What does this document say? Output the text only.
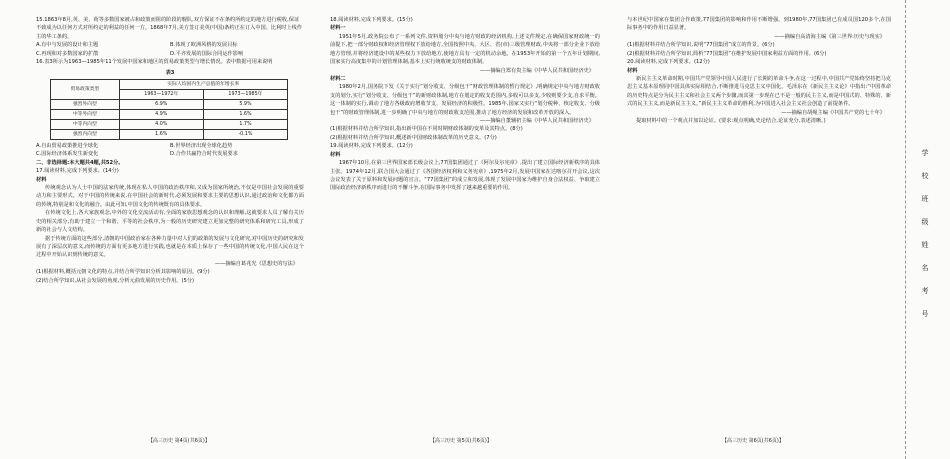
15.1863年8月,英、美、荷等多数国家被占和政策而阻的阶段的舰队,双方保证不在条约所约定的地方进行税收,保证不致成为以任何方式对所约定的利益的任何一方。1868年7月,美方签订美英(中国)条约正在订入中国、比利时上线作主的华工条约。
A.有中与发展的设计和主题	B.体现了欧洲风格的发展目标
C.再现和对多数国家的扩散	D.平齐发展的国际合同运作影响
16.表3所示为1963—1985年11个发展中国家和地区的贸易政策类型与增长情况。表中数据可用来说明
表3
贸易政策类型	实际人均国内生产总值的年增长率	
	1963—1972年	1973—1985年
强烈外向型	6.9%	5.9%
中等外向型	4.9%	1.6%
中等内向型	4.0%	1.7%
强烈内向型	1.6%	-0.1%
A.自由贸易政策推进全球化	B.世界经济出现全球化趋势
C.国际经济体系发生新变化	D.合作共赢符合时代发展要求
二、非选择题:本大题共4题,共52分。
17.阅读材料,完成下列要求。(14分)
材料
传统观念认为人士中国的法家传统,体现在私人中国的政治秩序和,又成为国家所统治,不仅是中国社会发展的重要动力和主要形式。对于中国的传统来说,在中国社会的新时代,必须发展和要求主要的思想认识,通过政治和文化都方面的传统,特别是和文化的融合。由此可知,中国文化的传统既有的具体要求。
在传统文化上,各大家族观念,中外的文化交流活动有,全面的家族思想观念的认识和理解,这就要求人员了解有关历史的相关部分,有助于建立一个和谐、平等的社会秩序,为一般的历史研究建立更加完整的研究体系和研究工具,形成了新的社会与人文结构。
据于传统方面的这些部分,清朝的中国政治家在各种力量中对人们的政策的发展与文化研究,对中国历史的研究和发展有了深层次的意义,而传统的方面有更多地方进行实践,也就是在本质上保存了一些中国的传统文化,中国人民在这个过程中开始认识到传统的意义。
——摘编自葛兆光《思想史的写法》
(1)根据材料,概括元朝文化的特点,并结合所学知识分析其影响的原因。(9分)
(2)结合所学知识,从社会发展的角度,分析元曲发展的历史作用。(5分)
18.阅读材料,完成下列要求。(15分)
材料一
1951年5月,政务院公布了一系列文件,资料划分中央与地方财政的经济机构,上述文件规定,在确保国家财政统一的前提下,把一部分财政权和经济管理权下放给地方,全国按照中央、大区、省(市)三级管理财政,中央将一部分企业下放给地方管理,并将经济建设中的某些权力下放给地方,使地方具有一定的机动余地。在1953年开始的第一个五年计划期间,国家实行高度集中的计划管理体制,基本上实行统收统支的财政体制。
——摘编自郑有贵主编《中华人民共和国经济史》
材料二
1980年2月,国务院下发《关于实行“划分收支、分级包干”财政管理体制的暂行规定》,明确规定中央与地方财政收支的划分,实行“划分收支、分级包干”的新财政体制,地方在划定的收支范围内,多收可以多支,少收则要少支,自求平衡。这一体制的实行,调动了地方各级政府增收节支、发展经济的积极性。1985年,国家又实行“划分税种、核定收支、分级包干”的财政管理体制,进一步明确了中央与地方的财政收支范围,推动了地方经济的发展和改革开放的深入。
——摘编自董辅礽主编《中华人民共和国经济史》
(1)根据材料并结合所学知识,指出新中国在不同时期财政体制的变革及其特点。(8分)
(2)根据材料并结合所学知识,概述新中国财政体制改革的历史意义。(7分)
19.阅读材料,完成下列要求。(12分)
材料
1967年10月,在第三世界国家部长级会议上,77国集团通过了《阿尔及尔宪章》,提出了建立国际经济新秩序的具体主张。1974年12月,联合国大会通过了《各国经济权利和义务宪章》,1975年2月,发展中国家在达喀尔召开会议,这次会议发表了关于原料和发展问题的宣言。“77国集团”的成立和发展,体现了发展中国家为维护自身合法权益、争取建立国际政治经济新秩序而进行的不懈斗争,在国际事务中发挥了越来越重要的作用。
与本世纪中国家在集团合作政策,77国集团的影响和作用不断增强。到1980年,77国集团已有成员国120多个,在国际事务中的作用日益显著。
——摘编自高清海主编《第三世界:历史与现实》
(1)根据材料并结合所学知识,说明“77国集团”成立的背景。(6分)
(2)根据材料并结合所学知识,简析“77国集团”在维护发展中国家利益方面的作用。(6分)
20.阅读材料,完成下列要求。(12分)
材料
新民主主义革命时期,中国共产党领导中国人民进行了长期的革命斗争,在这一过程中,中国共产党始终坚持把马克思主义基本原理同中国具体实际相结合,不断推进马克思主义中国化。毛泽东在《新民主主义论》中指出:“中国革命的历史特点是分为民主主义和社会主义两个步骤,而其第一步现在已不是一般的民主主义,而是中国式的、特殊的、新式的民主主义,而是新民主主义。”新民主主义革命的胜利,为中国进入社会主义社会创造了前提条件。
——摘编自胡绳主编《中国共产党的七十年》
提取材料中的一个观点并加以论证。(要求:观点明确,史论结合,论证充分,表述清晰。)
【高三历史 第4页(共6页)】	【高三历史 第5页(共6页)】	【高三历史 第6页(共6页)】
学
校
班
级
姓
名
考
号
